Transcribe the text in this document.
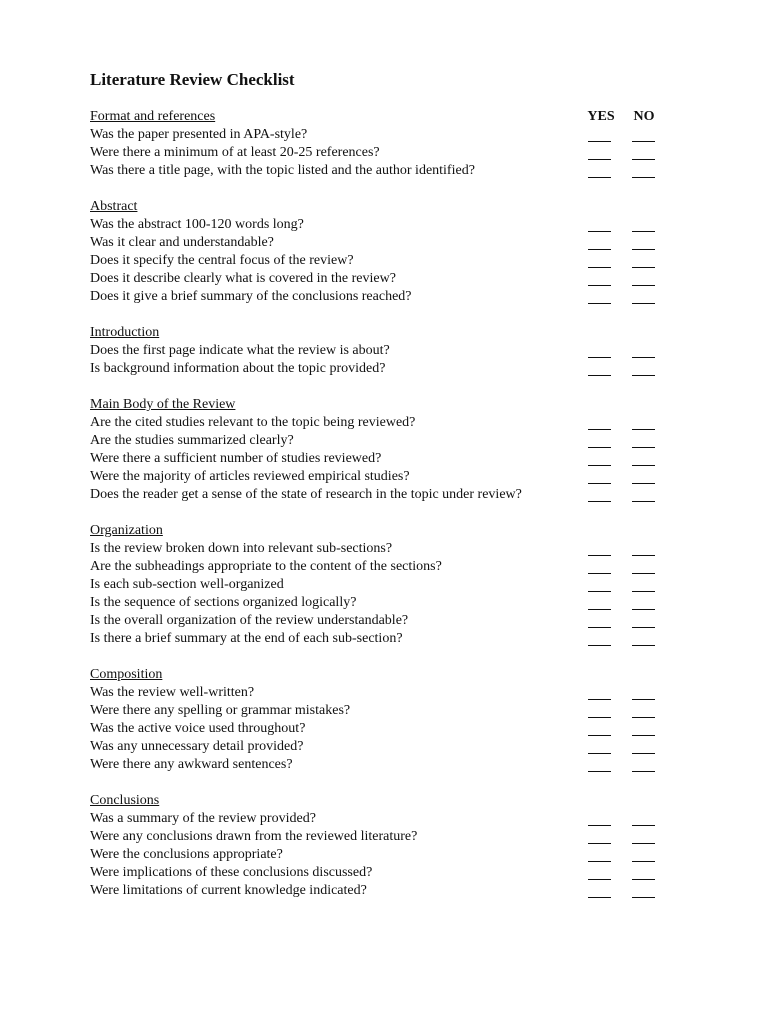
Literature Review Checklist
YES	NO
Format and references
Was the paper presented in APA-style?
Were there a minimum of at least 20-25 references?
Was there a title page, with the topic listed and the author identified?
Abstract
Was the abstract 100-120 words long?
Was it clear and understandable?
Does it specify the central focus of the review?
Does it describe clearly what is covered in the review?
Does it give a brief summary of the conclusions reached?
Introduction
Does the first page indicate what the review is about?
Is background information about the topic provided?
Main Body of the Review
Are the cited studies relevant to the topic being reviewed?
Are the studies summarized clearly?
Were there a sufficient number of studies reviewed?
Were the majority of articles reviewed empirical studies?
Does the reader get a sense of the state of research in the topic under review?
Organization
Is the review broken down into relevant sub-sections?
Are the subheadings appropriate to the content of the sections?
Is each sub-section well-organized
Is the sequence of sections organized logically?
Is the overall organization of the review understandable?
Is there a brief summary at the end of each sub-section?
Composition
Was the review well-written?
Were there any spelling or grammar mistakes?
Was the active voice used throughout?
Was any unnecessary detail provided?
Were there any awkward sentences?
Conclusions
Was a summary of the review provided?
Were any conclusions drawn from the reviewed literature?
Were the conclusions appropriate?
Were implications of these conclusions discussed?
Were limitations of current knowledge indicated?
